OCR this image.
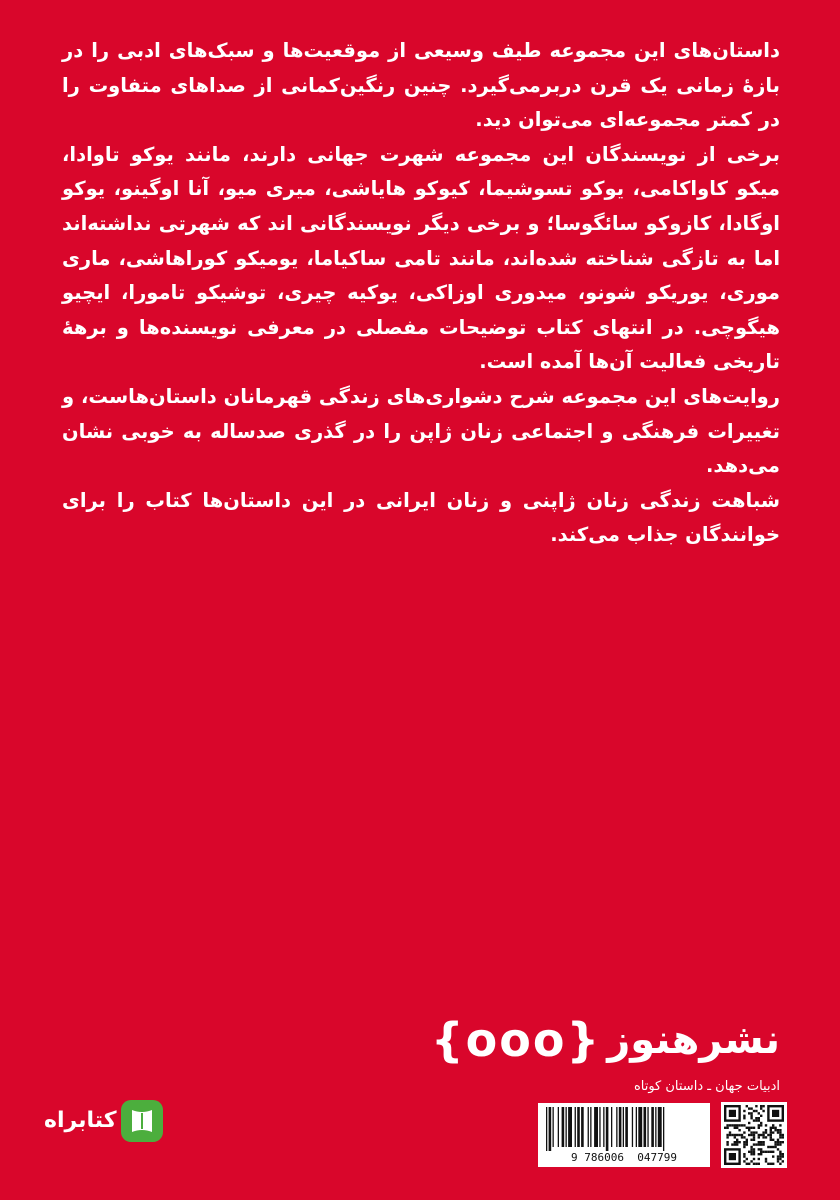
داستان‌های این مجموعه طیف وسیعی از موقعیت‌ها و سبک‌های ادبی را در بازهٔ زمانی یک قرن دربرمی‌گیرد. چنین رنگین‌کمانی از صداهای متفاوت را در کمتر مجموعه‌ای می‌توان دید.

برخی از نویسندگان این مجموعه شهرت جهانی دارند، مانند یوکو تاوادا، میکو کاواکامی، یوکو تسوشیما، کیوکو هایاشی، میری میو، آنا اوگینو، یوکو اوگادا، کازوکو سائگوسا؛ و برخی دیگر نویسندگانی اند که شهرتی نداشته‌اند اما به تازگی شناخته شده‌اند، مانند تامی ساکیاما، یومیکو کوراهاشی، ماری موری، یوریکو شونو، میدوری اوزاکی، یوکیه چیری، توشیکو تامورا، ایچیو هیگوچی. در انتهای کتاب توضیحات مفصلی در معرفی نویسنده‌ها و برههٔ تاریخی فعالیت آن‌ها آمده است.

روایت‌های این مجموعه شرح دشواری‌های زندگی قهرمانان داستان‌هاست، و تغییرات فرهنگی و اجتماعی زنان ژاپن را در گذری صدساله به خوبی نشان می‌دهد.

شباهت زندگی زنان ژاپنی و زنان ایرانی در این داستان‌ها کتاب را برای خوانندگان جذاب می‌کند.

نشرهنوز
{ooo}
ادبیات جهان ـ داستان کوتاه
9 786006  047799
کتابراه
